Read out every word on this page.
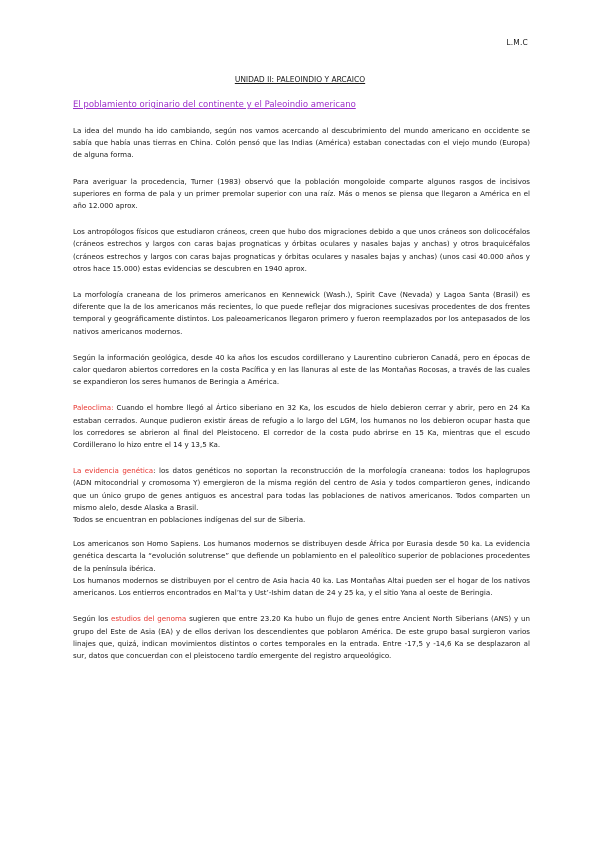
L.M.C
UNIDAD II: PALEOINDIO Y ARCAICO
El poblamiento originario del continente y el Paleoindio americano

La idea del mundo ha ido cambiando, según nos vamos acercando al descubrimiento del mundo americano en occidente se sabía que había unas tierras en China. Colón pensó que las Indias (América) estaban conectadas con el viejo mundo (Europa) de alguna forma.

Para averiguar la procedencia, Turner (1983) observó que la población mongoloide comparte algunos rasgos de incisivos superiores en forma de pala y un primer premolar superior con una raíz. Más o menos se piensa que llegaron a América en el año 12.000 aprox.

Los antropólogos físicos que estudiaron cráneos, creen que hubo dos migraciones debido a que unos cráneos son dolicocéfalos (cráneos estrechos y largos con caras bajas prognaticas y órbitas oculares y nasales bajas y anchas) y otros braquicéfalos (cráneos estrechos y largos con caras bajas prognaticas y órbitas oculares y nasales bajas y anchas) (unos casi 40.000 años y otros hace 15.000) estas evidencias se descubren en 1940 aprox.

La morfología craneana de los primeros americanos en Kennewick (Wash.), Spirit Cave (Nevada) y Lagoa Santa (Brasil) es diferente que la de los americanos más recientes, lo que puede reflejar dos migraciones sucesivas procedentes de dos frentes temporal y geográficamente distintos. Los paleoamericanos llegaron primero y fueron reemplazados por los antepasados de los nativos americanos modernos.

Según la información geológica, desde 40 ka años los escudos cordillerano y Laurentino cubrieron Canadá, pero en épocas de calor quedaron abiertos corredores en la costa Pacífica y en las llanuras al este de las Montañas Rocosas, a través de las cuales se expandieron los seres humanos de Beringia a América.

Paleoclima: Cuando el hombre llegó al Ártico siberiano en 32 Ka, los escudos de hielo debieron cerrar y abrir, pero en 24 Ka estaban cerrados. Aunque pudieron existir áreas de refugio a lo largo del LGM, los humanos no los debieron ocupar hasta que los corredores se abrieron al final del Pleistoceno. El corredor de la costa pudo abrirse en 15 Ka, mientras que el escudo Cordillerano lo hizo entre el 14 y 13,5 Ka.

La evidencia genética: los datos genéticos no soportan la reconstrucción de la morfología craneana: todos los haplogrupos (ADN mitocondrial y cromosoma Y) emergieron de la misma región del centro de Asia y todos compartieron genes, indicando que un único grupo de genes antiguos es ancestral para todas las poblaciones de nativos americanos. Todos comparten un mismo alelo, desde Alaska a Brasil.
Todos se encuentran en poblaciones indígenas del sur de Siberia.

Los americanos son Homo Sapiens. Los humanos modernos se distribuyen desde África por Eurasia desde 50 ka. La evidencia genética descarta la “evolución solutrense” que defiende un poblamiento en el paleolítico superior de poblaciones procedentes de la península ibérica.
Los humanos modernos se distribuyen por el centro de Asia hacia 40 ka. Las Montañas Altai pueden ser el hogar de los nativos americanos. Los entierros encontrados en Mal’ta y Ust’-Ishim datan de 24 y 25 ka, y el sitio Yana al oeste de Beringia.

Según los estudios del genoma sugieren que entre 23.20 Ka hubo un flujo de genes entre Ancient North Siberians (ANS) y un grupo del Este de Asia (EA) y de ellos derivan los descendientes que poblaron América. De este grupo basal surgieron varios linajes que, quizá, indican movimientos distintos o cortes temporales en la entrada. Entre -17,5 y -14,6 Ka se desplazaron al sur, datos que concuerdan con el pleistoceno tardío emergente del registro arqueológico.
